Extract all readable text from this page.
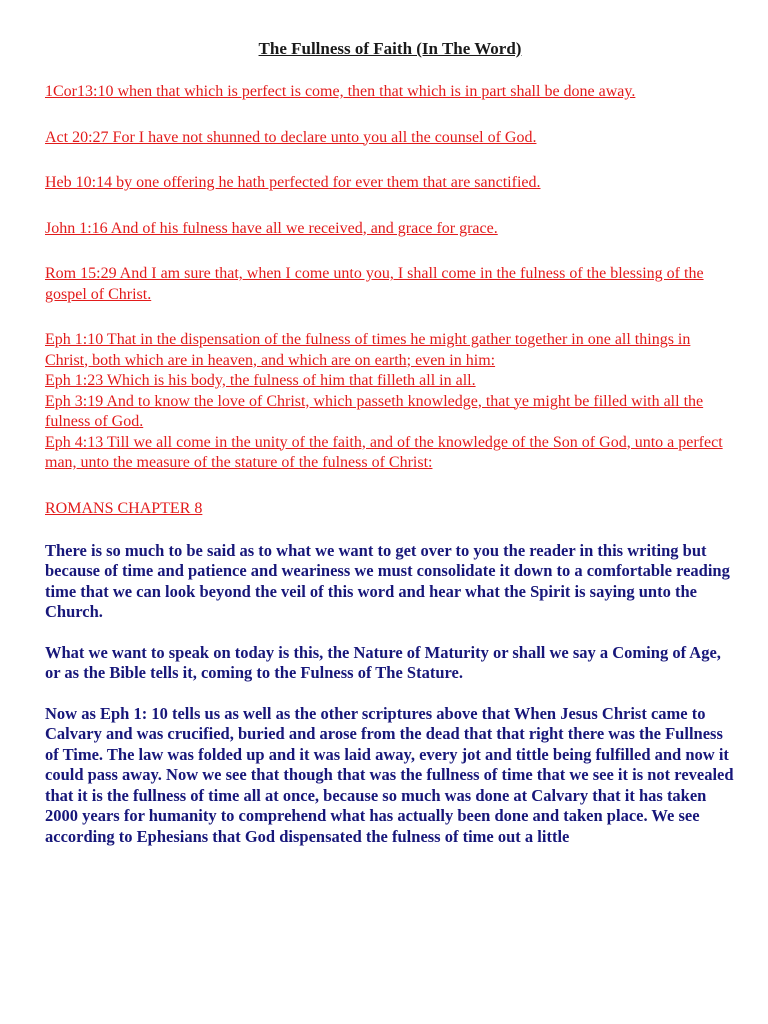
The Fullness of Faith (In The Word)

1Cor13:10 when that which is perfect is come, then that which is in part shall be done away.

Act 20:27 For I have not shunned to declare unto you all the counsel of God.

Heb 10:14 by one offering he hath perfected for ever them that are sanctified.

John 1:16 And of his fulness have all we received, and grace for grace.

Rom 15:29 And I am sure that, when I come unto you, I shall come in the fulness of the blessing of the gospel of Christ.

Eph 1:10 That in the dispensation of the fulness of times he might gather together in one all things in Christ, both which are in heaven, and which are on earth; even in him:

Eph 1:23 Which is his body, the fulness of him that filleth all in all.

Eph 3:19 And to know the love of Christ, which passeth knowledge, that ye might be filled with all the fulness of God.

Eph 4:13 Till we all come in the unity of the faith, and of the knowledge of the Son of God, unto a perfect man, unto the measure of the stature of the fulness of Christ:

ROMANS CHAPTER 8

There is so much to be said as to what we want to get over to you the reader in this writing but because of time and patience and weariness we must consolidate it down to a comfortable reading time that we can look beyond the veil of this word and hear what the Spirit is saying unto the Church.

What we want to speak on today is this, the Nature of Maturity or shall we say a Coming of Age, or as the Bible tells it, coming to the Fulness of The Stature.

Now as Eph 1: 10 tells us as well as the other scriptures above that When Jesus Christ came to Calvary and was crucified, buried and arose from the dead that that right there was the Fullness of Time. The law was folded up and it was laid away, every jot and tittle being fulfilled and now it could pass away. Now we see that though that was the fullness of time that we see it is not revealed that it is the fullness of time all at once, because so much was done at Calvary that it has taken 2000 years for humanity to comprehend what has actually been done and taken place. We see according to Ephesians that God dispensated the fulness of time out a little
